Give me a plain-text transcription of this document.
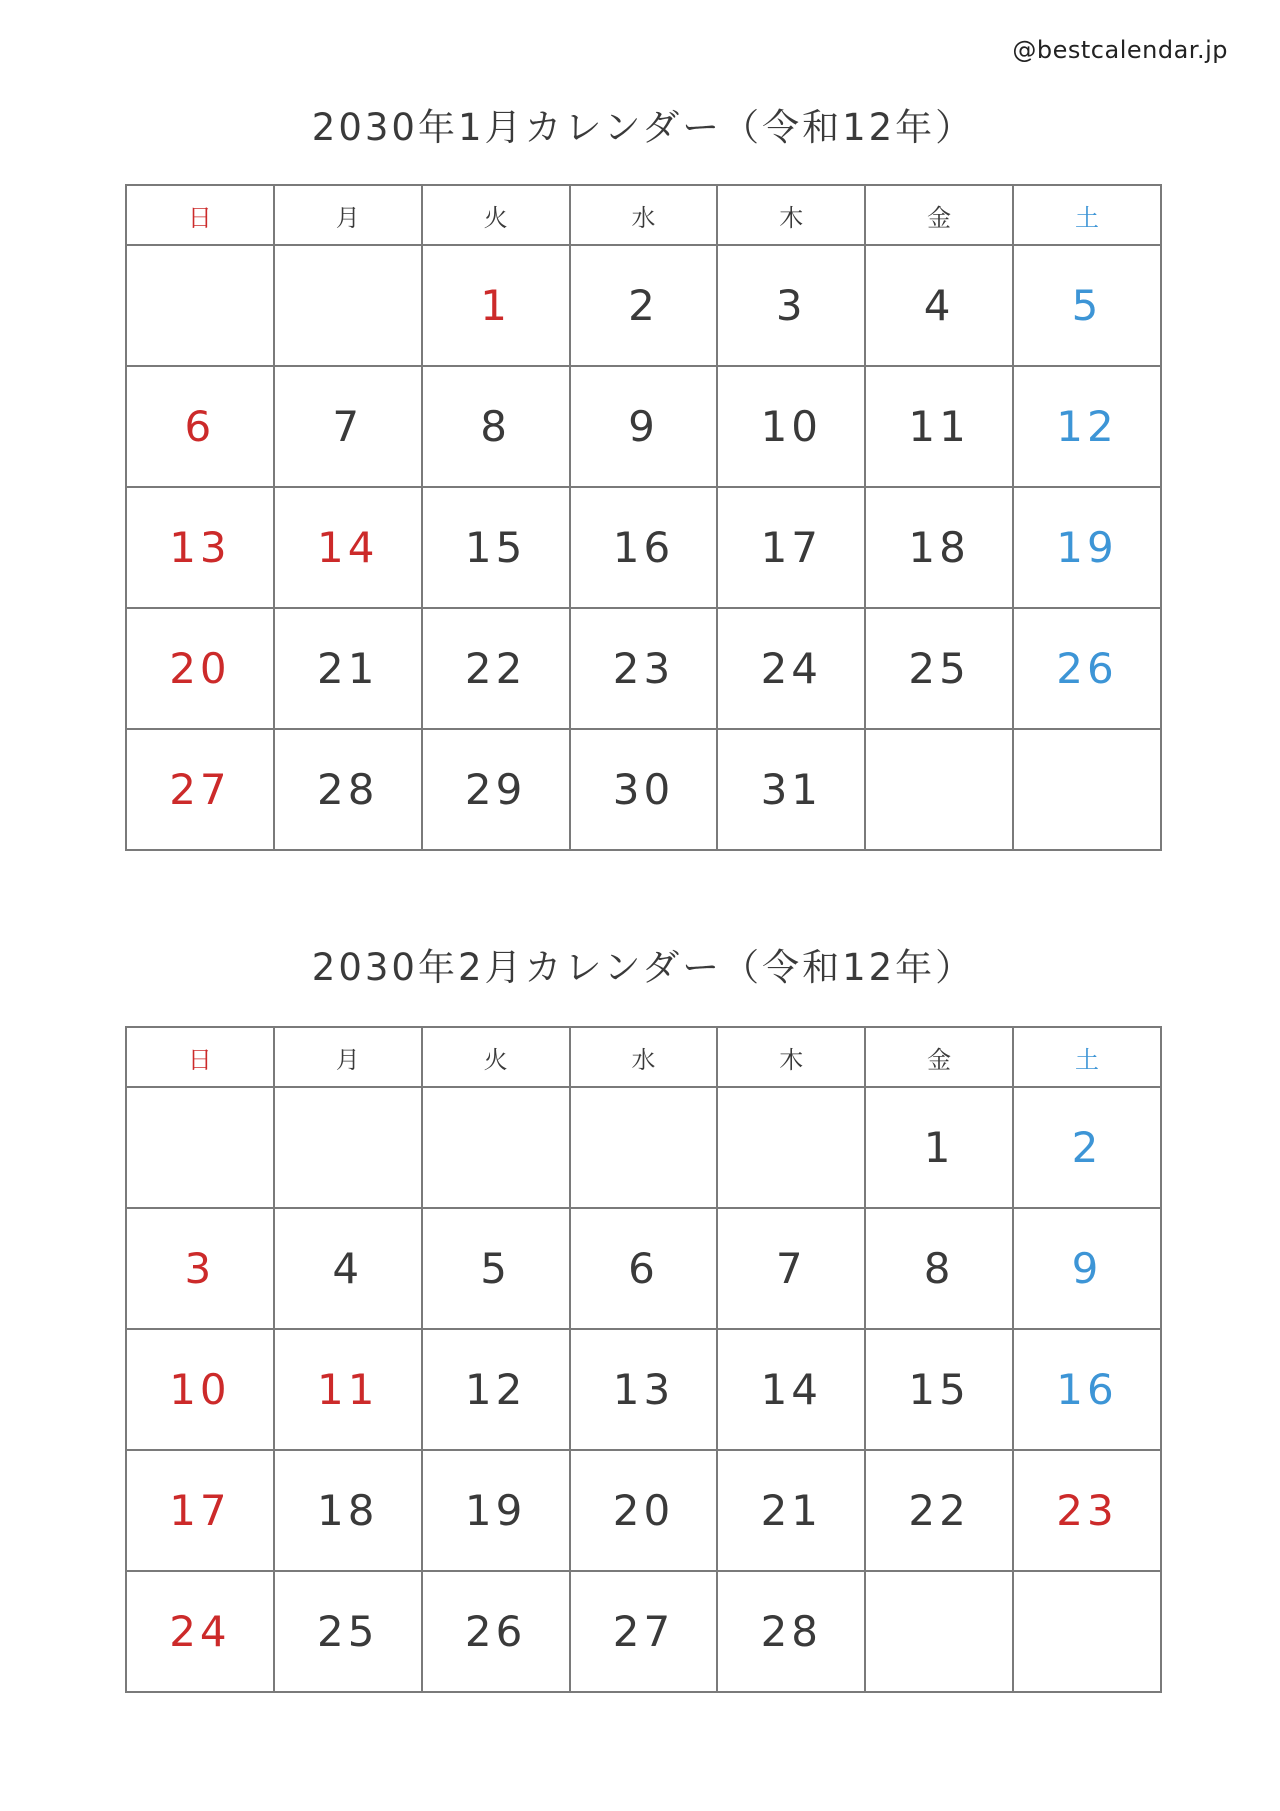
@bestcalendar.jp
2030年1月カレンダー（令和12年）
日	月	火	水	木	金	土
		1	2	3	4	5
6	7	8	9	10	11	12
13	14	15	16	17	18	19
20	21	22	23	24	25	26
27	28	29	30	31		
2030年2月カレンダー（令和12年）
日	月	火	水	木	金	土
					1	2
3	4	5	6	7	8	9
10	11	12	13	14	15	16
17	18	19	20	21	22	23
24	25	26	27	28		
